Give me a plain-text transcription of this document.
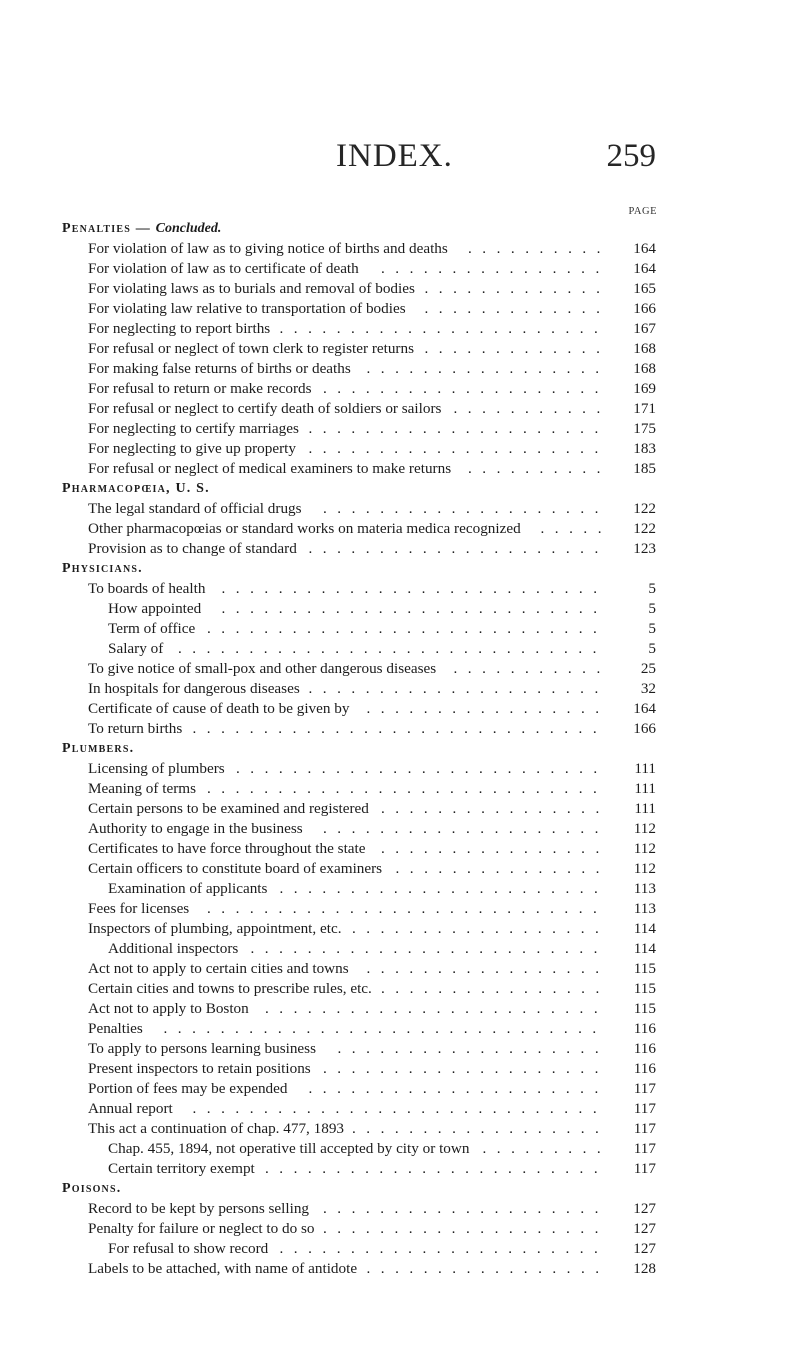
INDEX.	259
PAGE
Penalties — Concluded.
For violation of law as to giving notice of births and deaths ..........	164
For violation of law as to certificate of death ................	164
For violating laws as to burials and removal of bodies .............	165
For violating law relative to transportation of bodies .............	166
For neglecting to report births .......................	167
For refusal or neglect of town clerk to register returns .............	168
For making false returns of births or deaths .................	168
For refusal to return or make records ....................	169
For refusal or neglect to certify death of soldiers or sailors ...........	171
For neglecting to certify marriages .....................	175
For neglecting to give up property .....................	183
For refusal or neglect of medical examiners to make returns ..........	185
Pharmacopœia, U. S.
The legal standard of official drugs ....................	122
Other pharmacopœias or standard works on materia medica recognized .....	122
Provision as to change of standard .....................	123
Physicians.
To boards of health ...........................	5
How appointed ...........................	5
Term of office ............................	5
Salary of ..............................	5
To give notice of small-pox and other dangerous diseases ...........	25
In hospitals for dangerous diseases .....................	32
Certificate of cause of death to be given by .................	164
To return births .............................	166
Plumbers.
Licensing of plumbers ..........................	111
Meaning of terms ............................	111
Certain persons to be examined and registered ................	111
Authority to engage in the business ....................	112
Certificates to have force throughout the state ................	112
Certain officers to constitute board of examiners ...............	112
Examination of applicants .......................	113
Fees for licenses ............................	113
Inspectors of plumbing, appointment, etc. ..................	114
Additional inspectors .........................	114
Act not to apply to certain cities and towns .................	115
Certain cities and towns to prescribe rules, etc. ................	115
Act not to apply to Boston ........................	115
Penalties ...............................	116
To apply to persons learning business ...................	116
Present inspectors to retain positions ....................	116
Portion of fees may be expended .....................	117
Annual report .............................	117
This act a continuation of chap. 477, 1893 ..................	117
Chap. 455, 1894, not operative till accepted by city or town .........	117
Certain territory exempt ........................	117
Poisons.
Record to be kept by persons selling ....................	127
Penalty for failure or neglect to do so ....................	127
For refusal to show record .......................	127
Labels to be attached, with name of antidote .................	128
